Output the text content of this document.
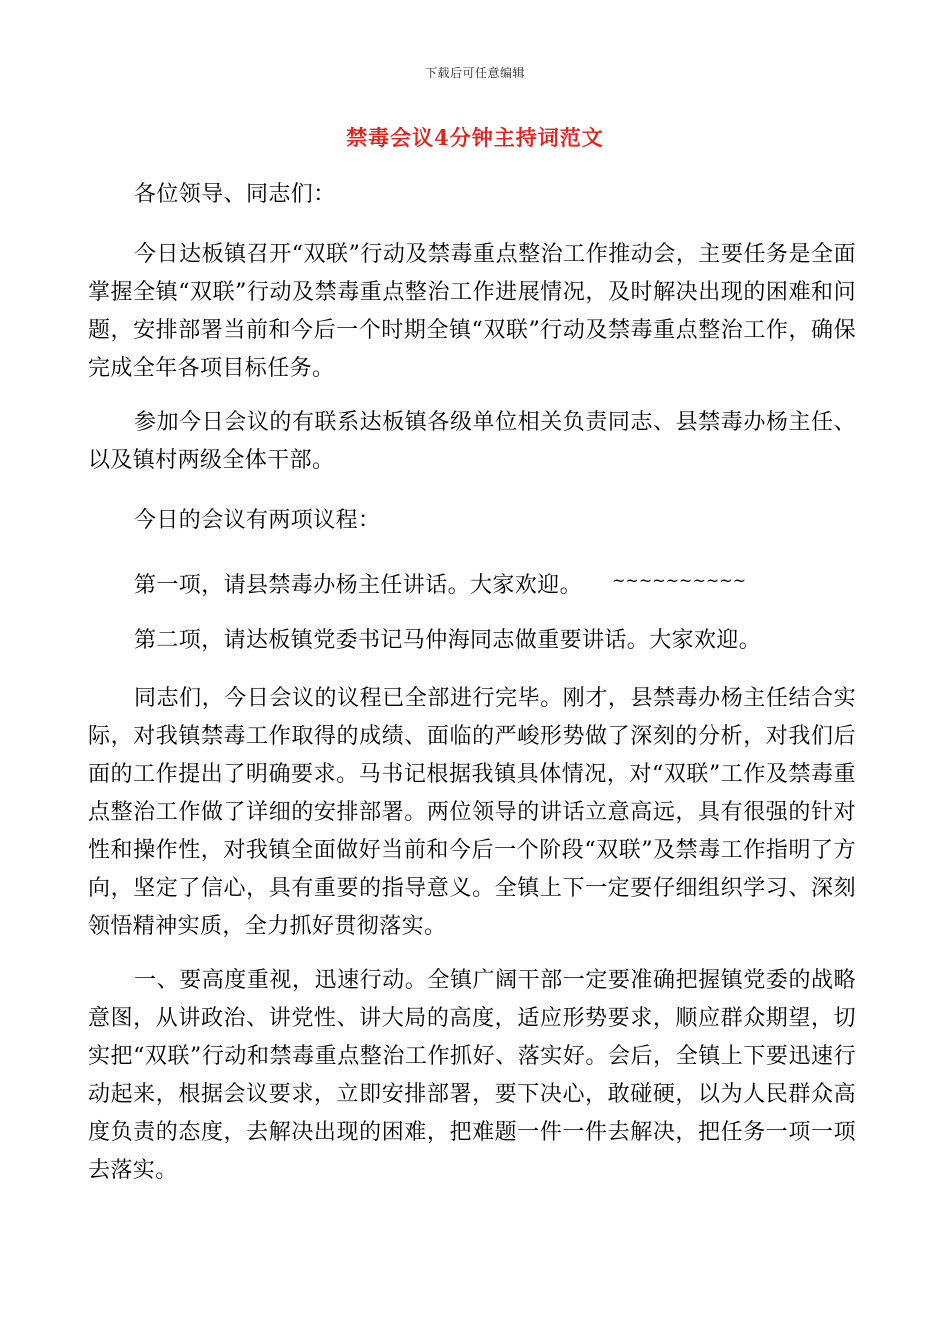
下载后可任意编辑
禁毒会议4分钟主持词范文

各位领导、同志们：

今日达板镇召开“双联”行动及禁毒重点整治工作推动会，主要任务是全面掌握全镇“双联”行动及禁毒重点整治工作进展情况，及时解决出现的困难和问题，安排部署当前和今后一个时期全镇“双联”行动及禁毒重点整治工作，确保完成全年各项目标任务。

参加今日会议的有联系达板镇各级单位相关负责同志、县禁毒办杨主任、以及镇村两级全体干部。

今日的会议有两项议程：

第一项，请县禁毒办杨主任讲话。大家欢迎。 ~~~~~~~~~~

第二项，请达板镇党委书记马仲海同志做重要讲话。大家欢迎。

同志们，今日会议的议程已全部进行完毕。刚才，县禁毒办杨主任结合实际，对我镇禁毒工作取得的成绩、面临的严峻形势做了深刻的分析，对我们后面的工作提出了明确要求。马书记根据我镇具体情况，对“双联”工作及禁毒重点整治工作做了详细的安排部署。两位领导的讲话立意高远，具有很强的针对性和操作性，对我镇全面做好当前和今后一个阶段“双联”及禁毒工作指明了方向，坚定了信心，具有重要的指导意义。全镇上下一定要仔细组织学习、深刻领悟精神实质，全力抓好贯彻落实。

一、要高度重视，迅速行动。全镇广阔干部一定要准确把握镇党委的战略意图，从讲政治、讲党性、讲大局的高度，适应形势要求，顺应群众期望，切实把“双联”行动和禁毒重点整治工作抓好、落实好。会后，全镇上下要迅速行动起来，根据会议要求，立即安排部署，要下决心，敢碰硬，以为人民群众高度负责的态度，去解决出现的困难，把难题一件一件去解决，把任务一项一项去落实。
